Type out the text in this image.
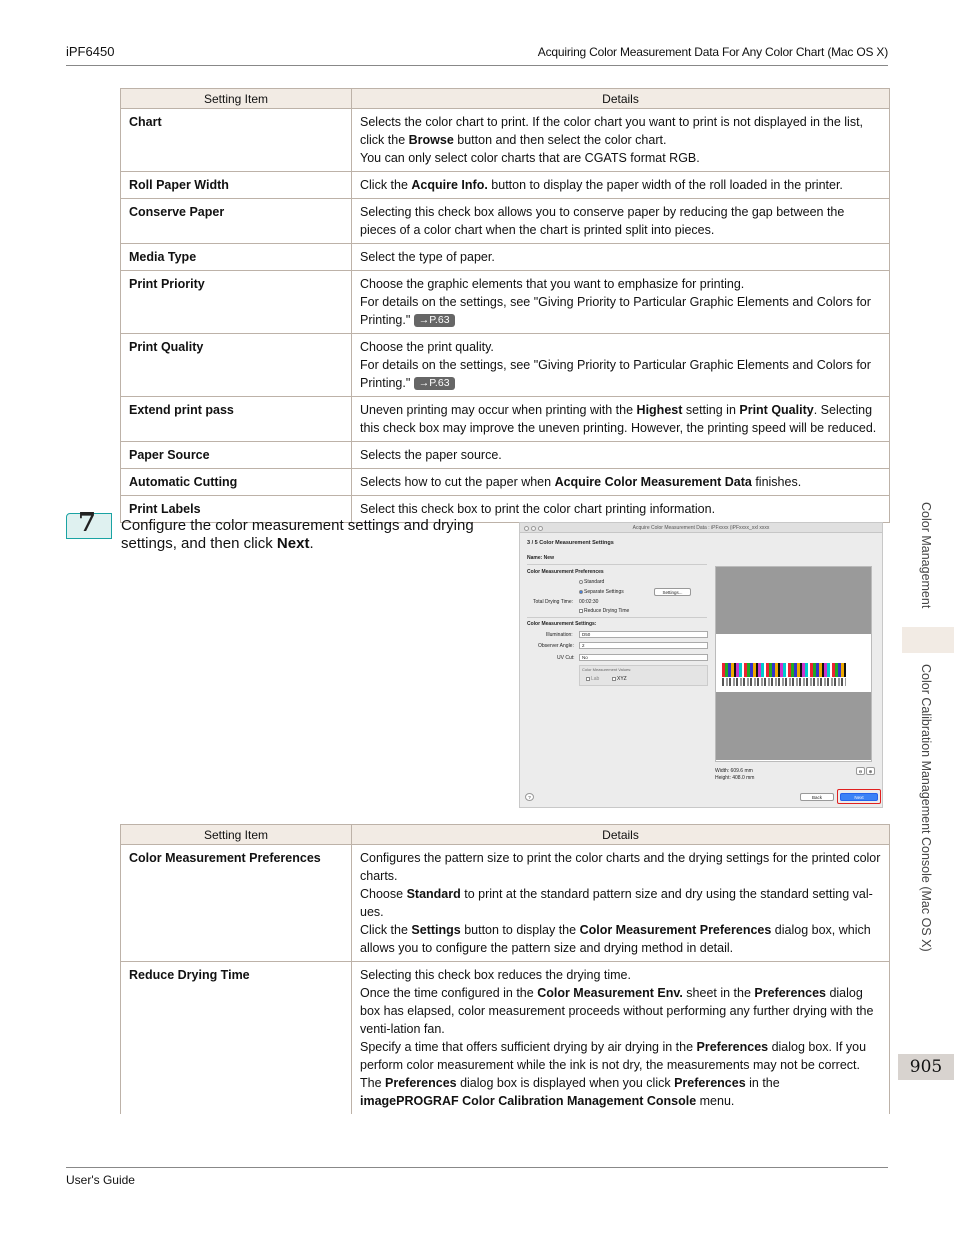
iPF6450	Acquiring Color Measurement Data For Any Color Chart (Mac OS X)
Setting Item	Details
Chart	Selects the color chart to print. If the color chart you want to print is not displayed in the list, click the Browse button and then select the color chart.
You can only select color charts that are CGATS format RGB.
Roll Paper Width	Click the Acquire Info. button to display the paper width of the roll loaded in the printer.
Conserve Paper	Selecting this check box allows you to conserve paper by reducing the gap between the pieces of a color chart when the chart is printed split into pieces.
Media Type	Select the type of paper.
Print Priority	Choose the graphic elements that you want to emphasize for printing.
For details on the settings, see "Giving Priority to Particular Graphic Elements and Colors for Printing." →P.63
Print Quality	Choose the print quality.
For details on the settings, see "Giving Priority to Particular Graphic Elements and Colors for Printing." →P.63
Extend print pass	Uneven printing may occur when printing with the Highest setting in Print Quality. Selecting this check box may improve the uneven printing. However, the printing speed will be reduced.
Paper Source	Selects the paper source.
Automatic Cutting	Selects how to cut the paper when Acquire Color Measurement Data finishes.
Print Labels	Select this check box to print the color chart printing information.
7 Configure the color measurement settings and drying settings, and then click Next.
Acquire Color Measurement Data : iPFxxxx (iPFxxxx_xxl xxxx
3 / 5 Color Measurement Settings
Name: New
Color Measurement Preferences
Standard
Separate Settings	Settings...
Total Drying Time: 00:02:30
Reduce Drying Time
Color Measurement Settings:
Illumination:	D50
Observer Angle:	2
UV Cut:	No
Color Measurement Values:
Lab	XYZ
Width: 609.6 mm
Height: 408.0 mm
⊖	⊕
?	Back	Next
Setting Item	Details
Color Measurement Preferences	Configures the pattern size to print the color charts and the drying settings for the printed color charts.
Choose Standard to print at the standard pattern size and dry using the standard setting val-ues.
Click the Settings button to display the Color Measurement Preferences dialog box, which allows you to configure the pattern size and drying method in detail.
Reduce Drying Time	Selecting this check box reduces the drying time.
Once the time configured in the Color Measurement Env. sheet in the Preferences dialog box has elapsed, color measurement proceeds without performing any further drying with the venti-lation fan.
Specify a time that offers sufficient drying by air drying in the Preferences dialog box. If you perform color measurement while the ink is not dry, the measurements may not be correct.
The Preferences dialog box is displayed when you click Preferences in the imagePROGRAF Color Calibration Management Console menu.
Color Management
Color Calibration Management Console (Mac OS X)
905
User's Guide
